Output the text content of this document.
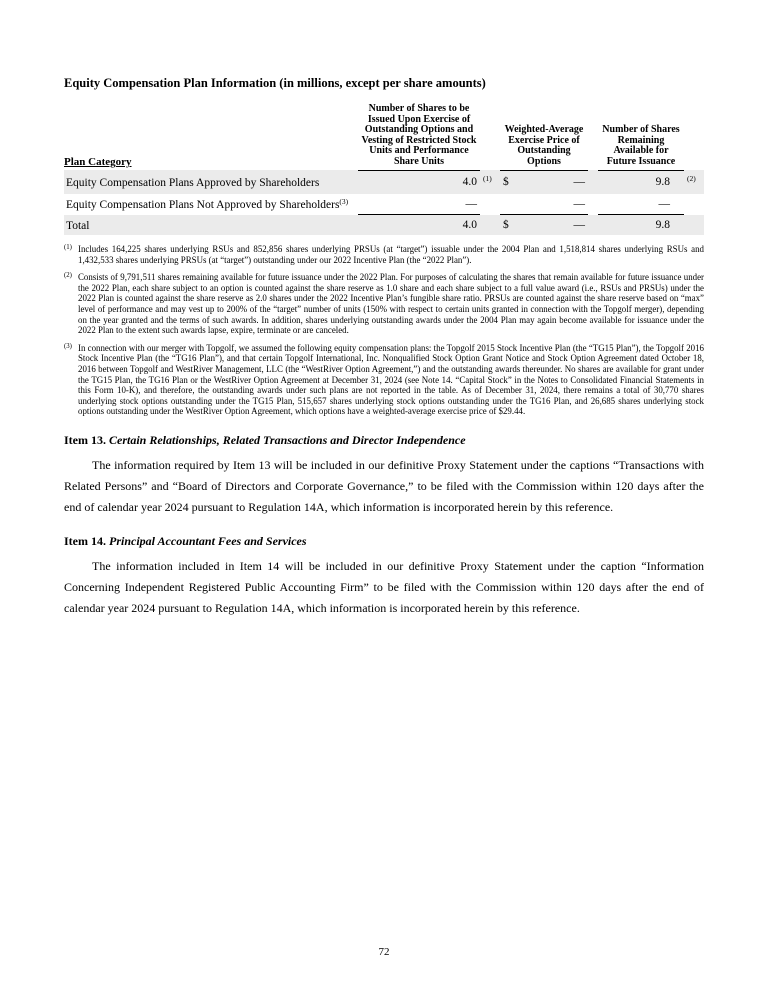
Equity Compensation Plan Information (in millions, except per share amounts)
Plan Category	Number of Shares to be Issued Upon Exercise of Outstanding Options and Vesting of Restricted Stock Units and Performance Share Units		Weighted-Average Exercise Price of Outstanding Options		Number of Shares Remaining Available for Future Issuance	
Equity Compensation Plans Approved by Shareholders	4.0	(1)	$ —		9.8	(2)
Equity Compensation Plans Not Approved by Shareholders$^{(3)}$	—		—		—	
Total	4.0		$ —		9.8	
(1) Includes 164,225 shares underlying RSUs and 852,856 shares underlying PRSUs (at “target”) issuable under the 2004 Plan and 1,518,814 shares underlying RSUs and 1,432,533 shares underlying PRSUs (at “target”) outstanding under our 2022 Incentive Plan (the “2022 Plan”).
(2) Consists of 9,791,511 shares remaining available for future issuance under the 2022 Plan. For purposes of calculating the shares that remain available for future issuance under the 2022 Plan, each share subject to an option is counted against the share reserve as 1.0 share and each share subject to a full value award (i.e., RSUs and PRSUs) under the 2022 Plan is counted against the share reserve as 2.0 shares under the 2022 Incentive Plan’s fungible share ratio. PRSUs are counted against the share reserve based on “max” level of performance and may vest up to 200% of the “target” number of units (150% with respect to certain units granted in connection with the Topgolf merger), depending on the year granted and the terms of such awards. In addition, shares underlying outstanding awards under the 2004 Plan may again become available for issuance under the 2022 Plan to the extent such awards lapse, expire, terminate or are canceled.
(3) In connection with our merger with Topgolf, we assumed the following equity compensation plans: the Topgolf 2015 Stock Incentive Plan (the “TG15 Plan”), the Topgolf 2016 Stock Incentive Plan (the “TG16 Plan”), and that certain Topgolf International, Inc. Nonqualified Stock Option Grant Notice and Stock Option Agreement dated October 18, 2016 between Topgolf and WestRiver Management, LLC (the “WestRiver Option Agreement,”) and the outstanding awards thereunder. No shares are available for grant under the TG15 Plan, the TG16 Plan or the WestRiver Option Agreement at December 31, 2024 (see Note 14. “Capital Stock” in the Notes to Consolidated Financial Statements in this Form 10-K), and therefore, the outstanding awards under such plans are not reported in the table. As of December 31, 2024, there remains a total of 30,770 shares underlying stock options outstanding under the TG15 Plan, 515,657 shares underlying stock options outstanding under the TG16 Plan, and 26,685 shares underlying stock options outstanding under the WestRiver Option Agreement, which options have a weighted-average exercise price of $29.44.
Item 13. Certain Relationships, Related Transactions and Director Independence

The information required by Item 13 will be included in our definitive Proxy Statement under the captions “Transactions with Related Persons” and “Board of Directors and Corporate Governance,” to be filed with the Commission within 120 days after the end of calendar year 2024 pursuant to Regulation 14A, which information is incorporated herein by this reference.

Item 14. Principal Accountant Fees and Services

The information included in Item 14 will be included in our definitive Proxy Statement under the caption “Information Concerning Independent Registered Public Accounting Firm” to be filed with the Commission within 120 days after the end of calendar year 2024 pursuant to Regulation 14A, which information is incorporated herein by this reference.

72
